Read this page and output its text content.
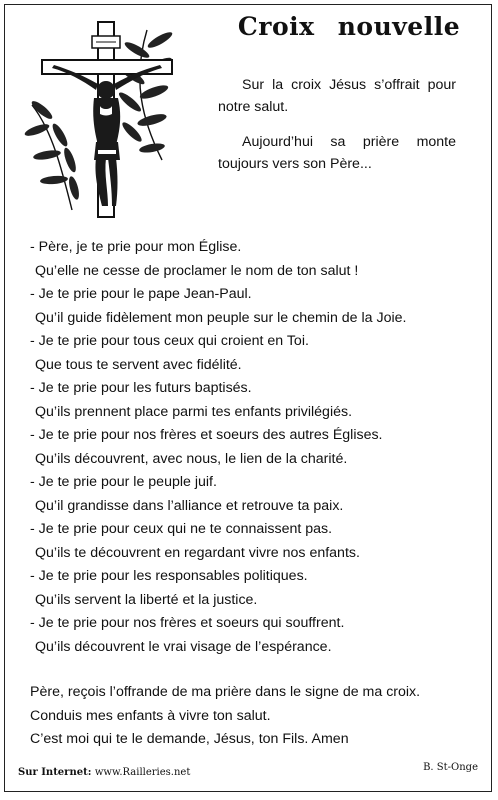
Croix nouvelle

Sur la croix Jésus s’offrait pour notre salut.

Aujourd’hui sa prière monte toujours vers son Père...

- Père, je te prie pour mon Église.
Qu’elle ne cesse de proclamer le nom de ton salut !
- Je te prie pour le pape Jean-Paul.
Qu’il guide fidèlement mon peuple sur le chemin de la Joie.
- Je te prie pour tous ceux qui croient en Toi.
Que tous te servent avec fidélité.
- Je te prie pour les futurs baptisés.
Qu’ils prennent place parmi tes enfants privilégiés.
- Je te prie pour nos frères et soeurs des autres Églises.
Qu’ils découvrent, avec nous, le lien de la charité.
- Je te prie pour le peuple juif.
Qu’il grandisse dans l’alliance et retrouve ta paix.
- Je te prie pour ceux qui ne te connaissent pas.
Qu’ils te découvrent en regardant vivre nos enfants.
- Je te prie pour les responsables politiques.
Qu’ils servent la liberté et la justice.
- Je te prie pour nos frères et soeurs qui souffrent.
Qu’ils découvrent le vrai visage de l’espérance.
Père, reçois l’offrande de ma prière dans le signe de ma croix.
Conduis mes enfants à vivre ton salut.
C’est moi qui te le demande, Jésus, ton Fils. Amen
Sur Internet: www.Railleries.net	B. St-Onge
